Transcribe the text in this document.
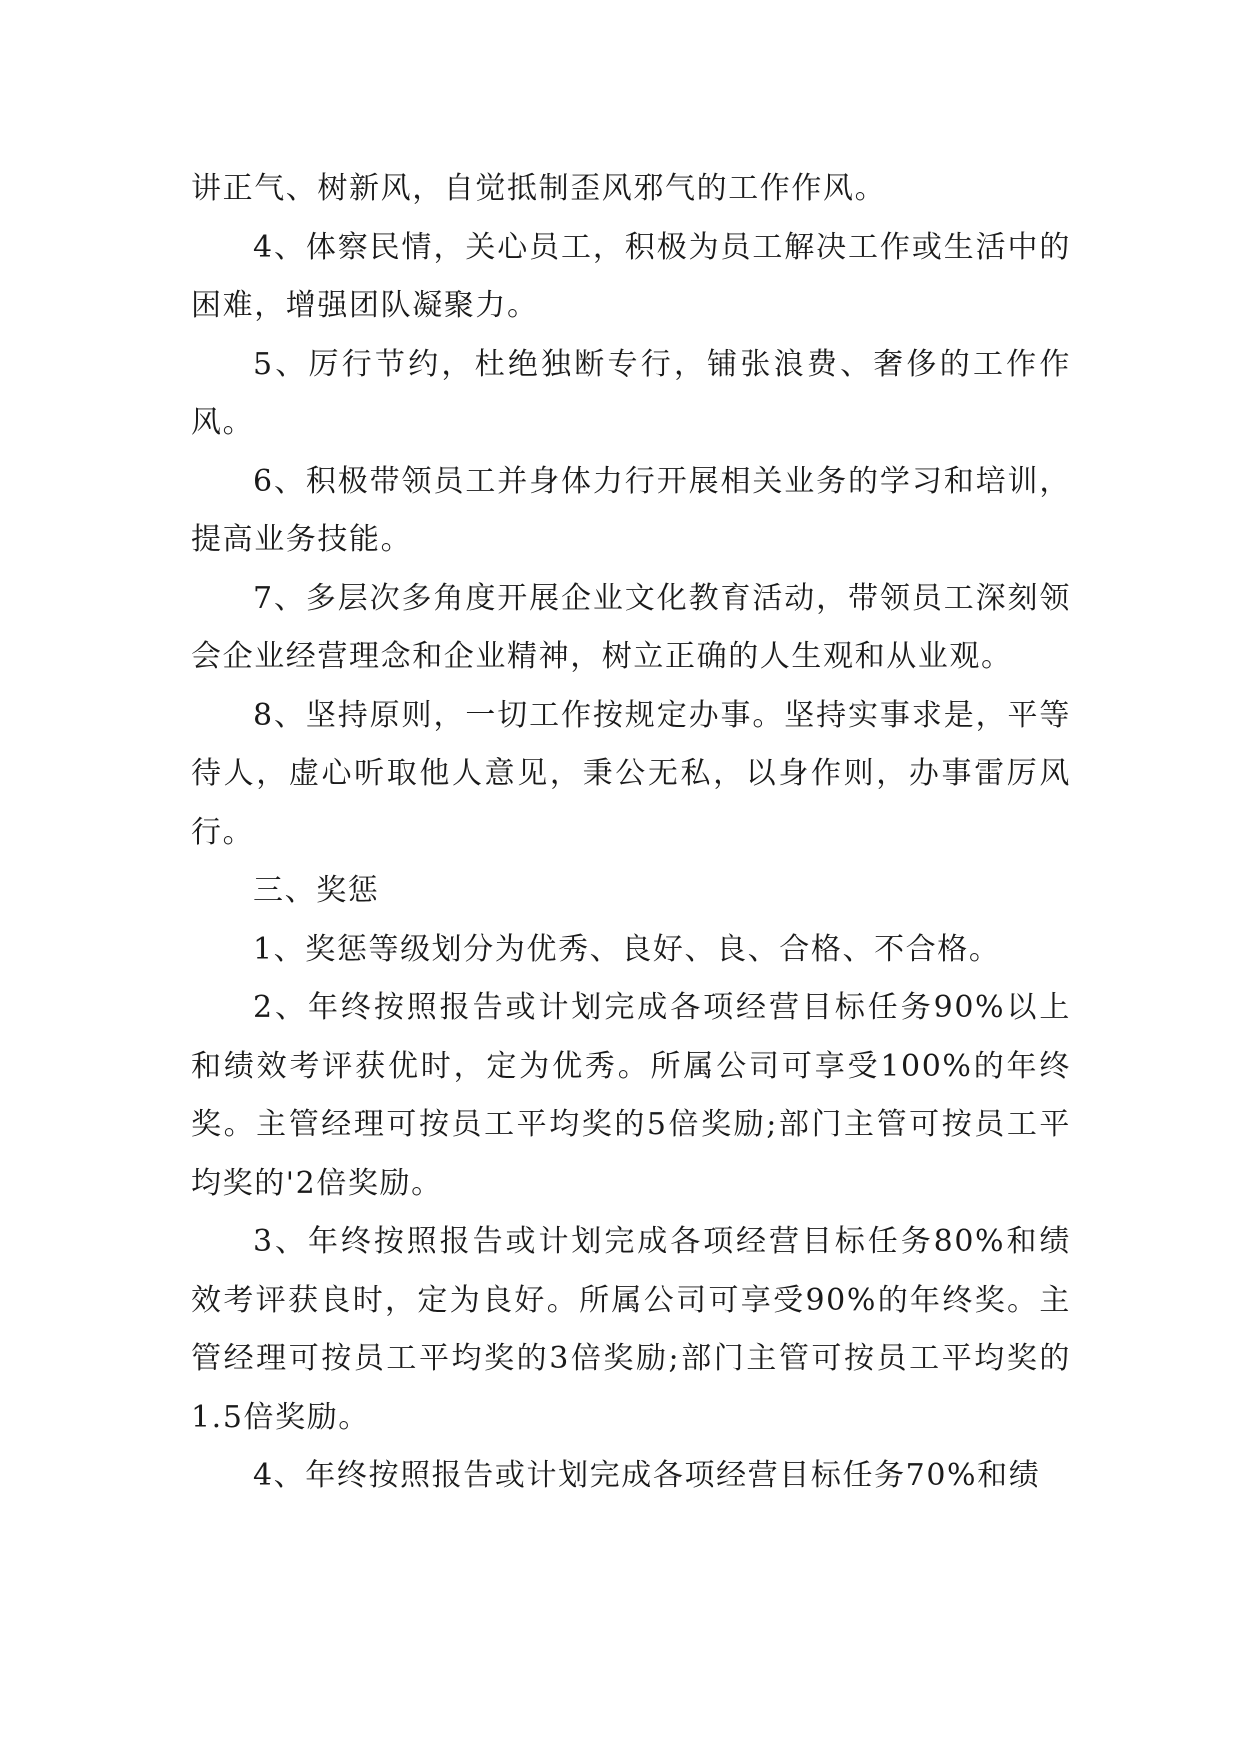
讲正气、树新风，自觉抵制歪风邪气的工作作风。

4、体察民情，关心员工，积极为员工解决工作或生活中的困难，增强团队凝聚力。

5、厉行节约，杜绝独断专行，铺张浪费、奢侈的工作作风。

6、积极带领员工并身体力行开展相关业务的学习和培训，提高业务技能。

7、多层次多角度开展企业文化教育活动，带领员工深刻领会企业经营理念和企业精神，树立正确的人生观和从业观。

8、坚持原则，一切工作按规定办事。坚持实事求是，平等待人，虚心听取他人意见，秉公无私，以身作则，办事雷厉风行。

三、奖惩

1、奖惩等级划分为优秀、良好、良、合格、不合格。

2、年终按照报告或计划完成各项经营目标任务90%以上和绩效考评获优时，定为优秀。所属公司可享受100%的年终奖。主管经理可按员工平均奖的5倍奖励;部门主管可按员工平均奖的'2倍奖励。

3、年终按照报告或计划完成各项经营目标任务80%和绩效考评获良时，定为良好。所属公司可享受90%的年终奖。主管经理可按员工平均奖的3倍奖励;部门主管可按员工平均奖的1.5倍奖励。

4、年终按照报告或计划完成各项经营目标任务70%和绩
